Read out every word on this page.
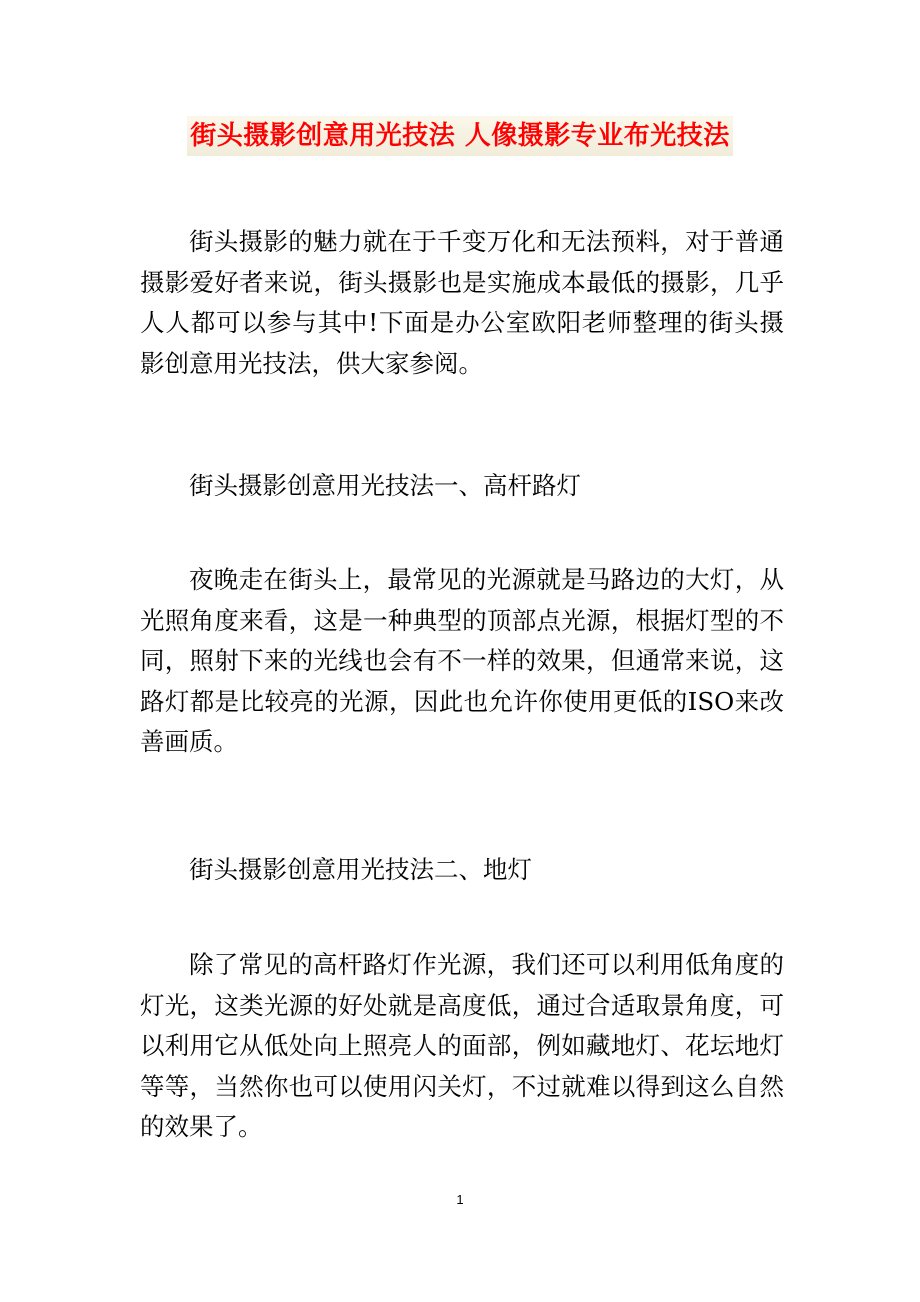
街头摄影创意用光技法 人像摄影专业布光技法

街头摄影的魅力就在于千变万化和无法预料，对于普通摄影爱好者来说，街头摄影也是实施成本最低的摄影，几乎人人都可以参与其中!下面是办公室欧阳老师整理的街头摄影创意用光技法，供大家参阅。

街头摄影创意用光技法一、高杆路灯

夜晚走在街头上，最常见的光源就是马路边的大灯，从光照角度来看，这是一种典型的顶部点光源，根据灯型的不同，照射下来的光线也会有不一样的效果，但通常来说，这路灯都是比较亮的光源，因此也允许你使用更低的ISO来改善画质。

街头摄影创意用光技法二、地灯

除了常见的高杆路灯作光源，我们还可以利用低角度的灯光，这类光源的好处就是高度低，通过合适取景角度，可以利用它从低处向上照亮人的面部，例如藏地灯、花坛地灯等等，当然你也可以使用闪关灯，不过就难以得到这么自然的效果了。

1
